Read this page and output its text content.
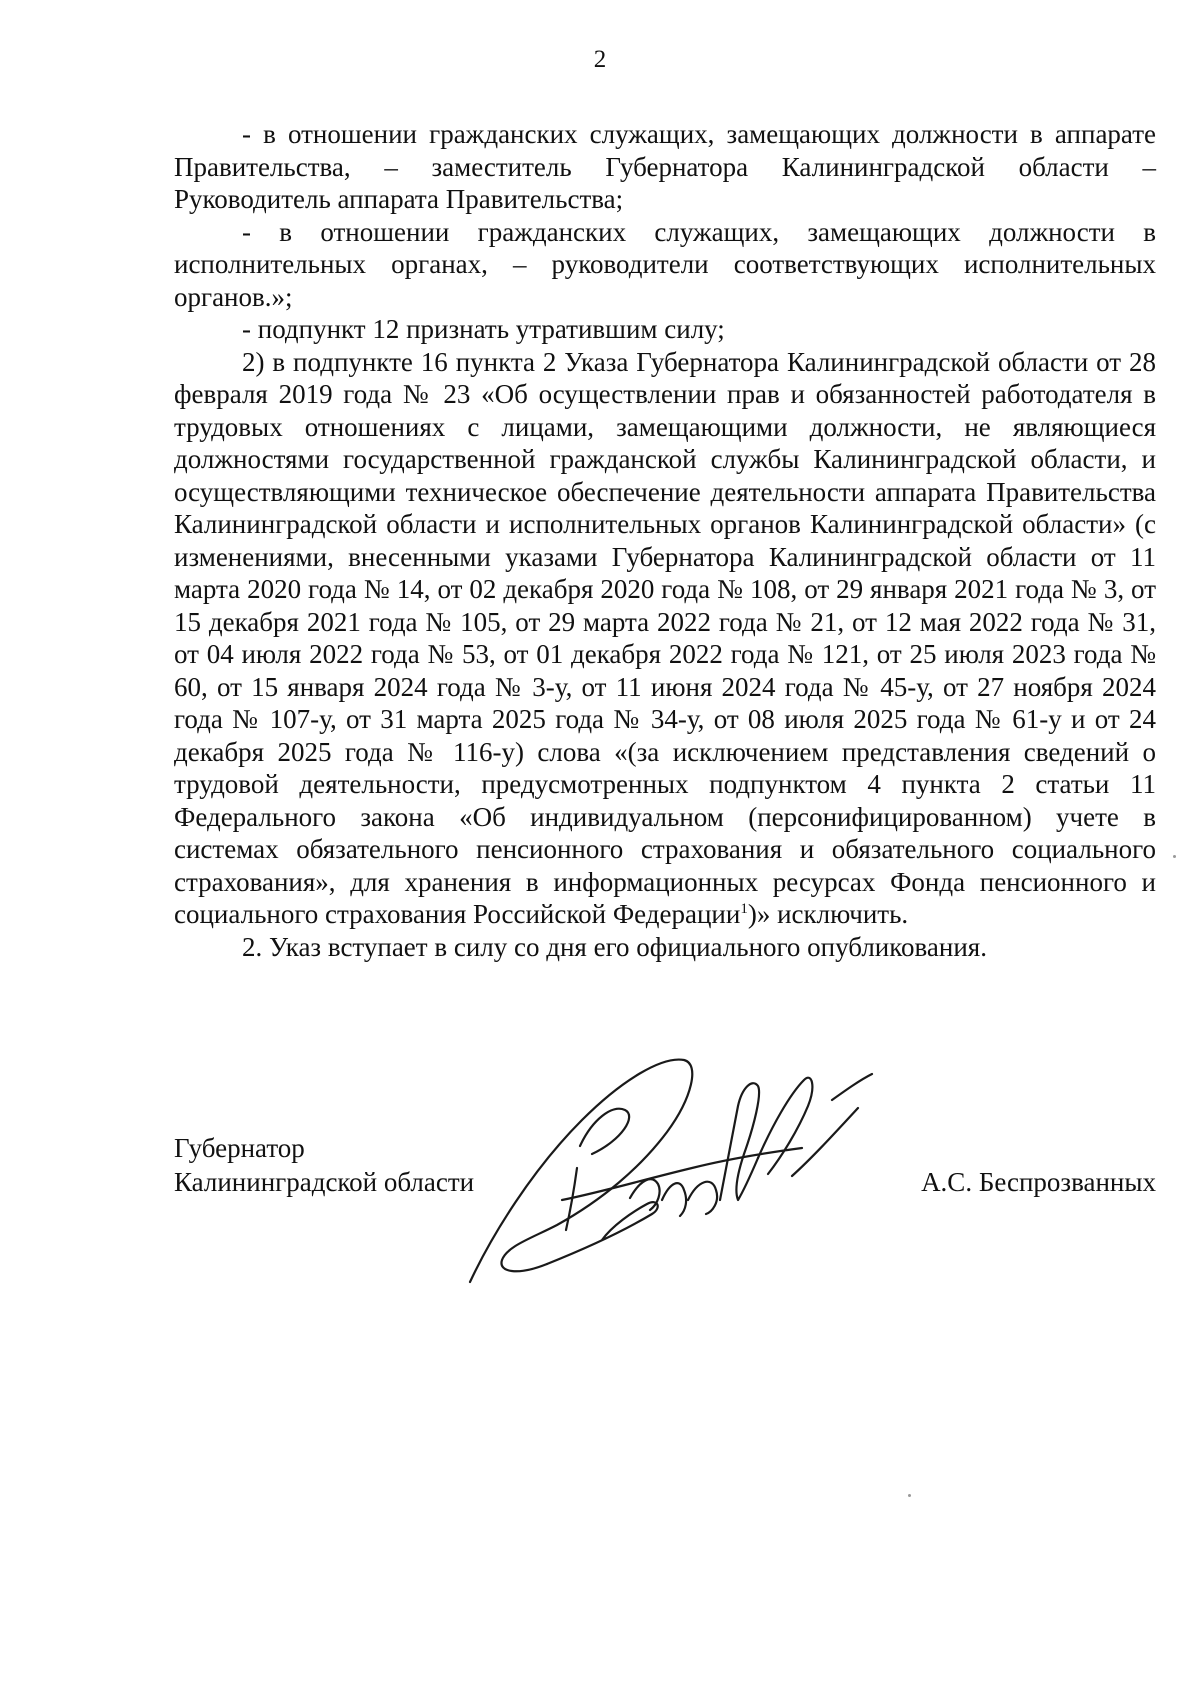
2

- в отношении гражданских служащих, замещающих должности в аппарате Правительства, – заместитель Губернатора Калининградской области – Руководитель аппарата Правительства;

- в отношении гражданских служащих, замещающих должности в исполнительных органах, – руководители соответствующих исполнительных органов.»;

- подпункт 12 признать утратившим силу;

2) в подпункте 16 пункта 2 Указа Губернатора Калининградской области от 28 февраля 2019 года № 23 «Об осуществлении прав и обязанностей работодателя в трудовых отношениях с лицами, замещающими должности, не являющиеся должностями государственной гражданской службы Калининградской области, и осуществляющими техническое обеспечение деятельности аппарата Правительства Калининградской области и исполнительных органов Калининградской области» (с изменениями, внесенными указами Губернатора Калининградской области от 11 марта 2020 года № 14, от 02 декабря 2020 года № 108, от 29 января 2021 года № 3, от 15 декабря 2021 года № 105, от 29 марта 2022 года № 21, от 12 мая 2022 года № 31, от 04 июля 2022 года № 53, от 01 декабря 2022 года № 121, от 25 июля 2023 года № 60, от 15 января 2024 года № 3-у, от 11 июня 2024 года № 45-у, от 27 ноября 2024 года № 107-у, от 31 марта 2025 года № 34-у, от 08 июля 2025 года № 61-у и от 24 декабря 2025 года № 116-у) слова «(за исключением представления сведений о трудовой деятельности, предусмотренных подпунктом 4 пункта 2 статьи 11 Федерального закона «Об индивидуальном (персонифицированном) учете в системах обязательного пенсионного страхования и обязательного социального страхования», для хранения в информационных ресурсах Фонда пенсионного и социального страхования Российской Федерации$^1$)» исключить.

2. Указ вступает в силу со дня его официального опубликования.

Губернатор
Калининградской области	А.С. Беспрозванных
